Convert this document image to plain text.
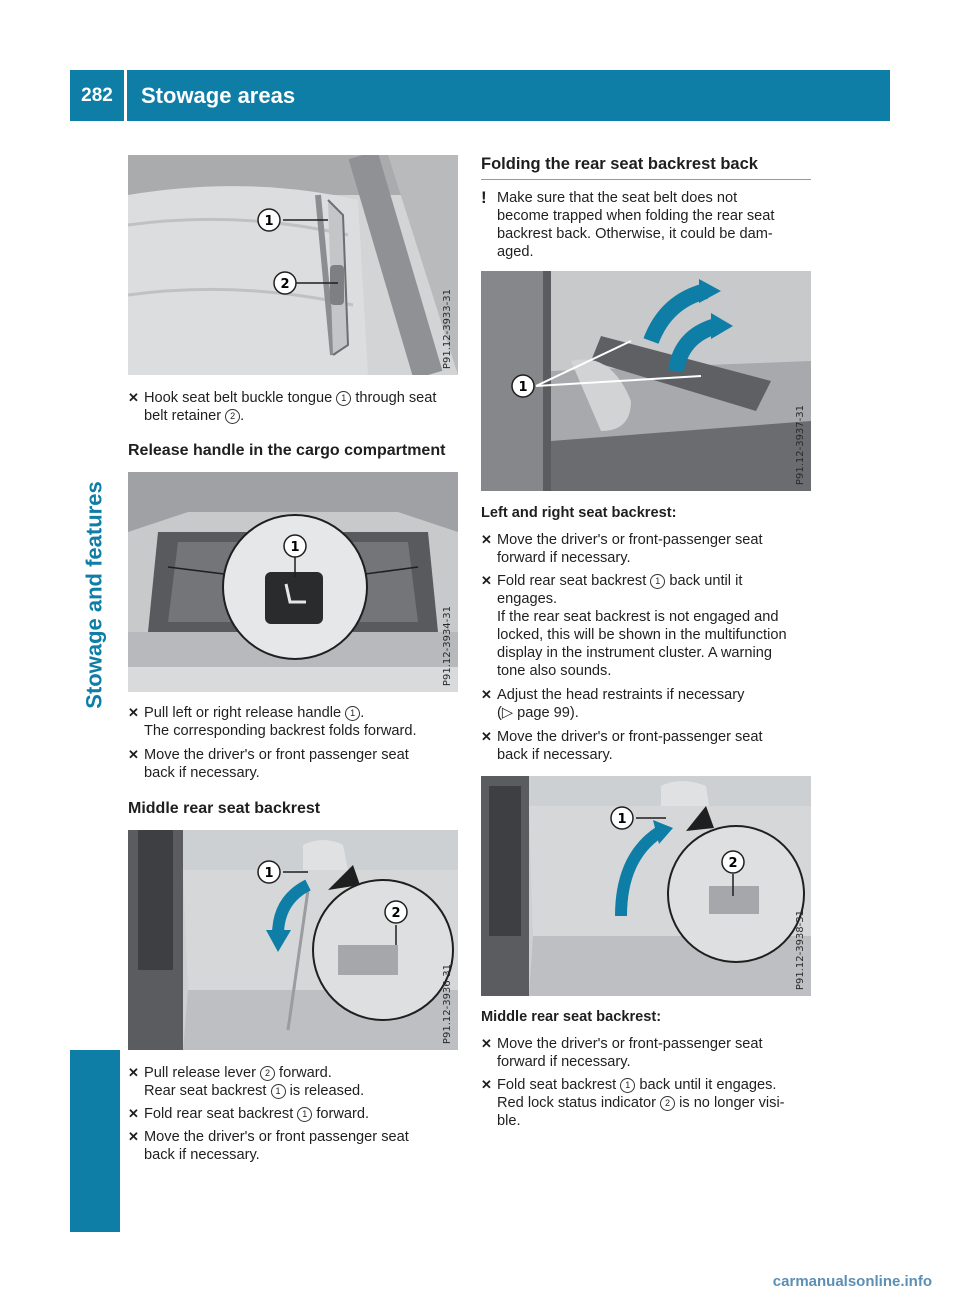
282	Stowage areas
Stowage and features
1
2
P91.12-3933-31
✕ Hook seat belt buckle tongue 1 through seat
belt retainer 2 .
Release handle in the cargo compartment
1
P91.12-3934-31
✕ Pull left or right release handle 1 .
The corresponding backrest folds forward.
✕ Move the driver's or front passenger seat
back if necessary.
Middle rear seat backrest
1
2
P91.12-3936-31
✕ Pull release lever 2 forward.
Rear seat backrest 1 is released.
✕ Fold rear seat backrest 1 forward.
✕ Move the driver's or front passenger seat
back if necessary.
Folding the rear seat backrest back
! Make sure that the seat belt does not
become trapped when folding the rear seat
backrest back. Otherwise, it could be dam-
aged.
1
P91.12-3937-31
Left and right seat backrest:
✕ Move the driver's or front-passenger seat
forward if necessary.
✕ Fold rear seat backrest 1 back until it
engages.
If the rear seat backrest is not engaged and
locked, this will be shown in the multifunction
display in the instrument cluster. A warning
tone also sounds.
✕ Adjust the head restraints if necessary
(▷ page 99).
✕ Move the driver's or front-passenger seat
back if necessary.
1
2
P91.12-3938-31
Middle rear seat backrest:
✕ Move the driver's or front-passenger seat
forward if necessary.
✕ Fold seat backrest 1 back until it engages.
Red lock status indicator 2 is no longer visi-
ble.
carmanualsonline.info
